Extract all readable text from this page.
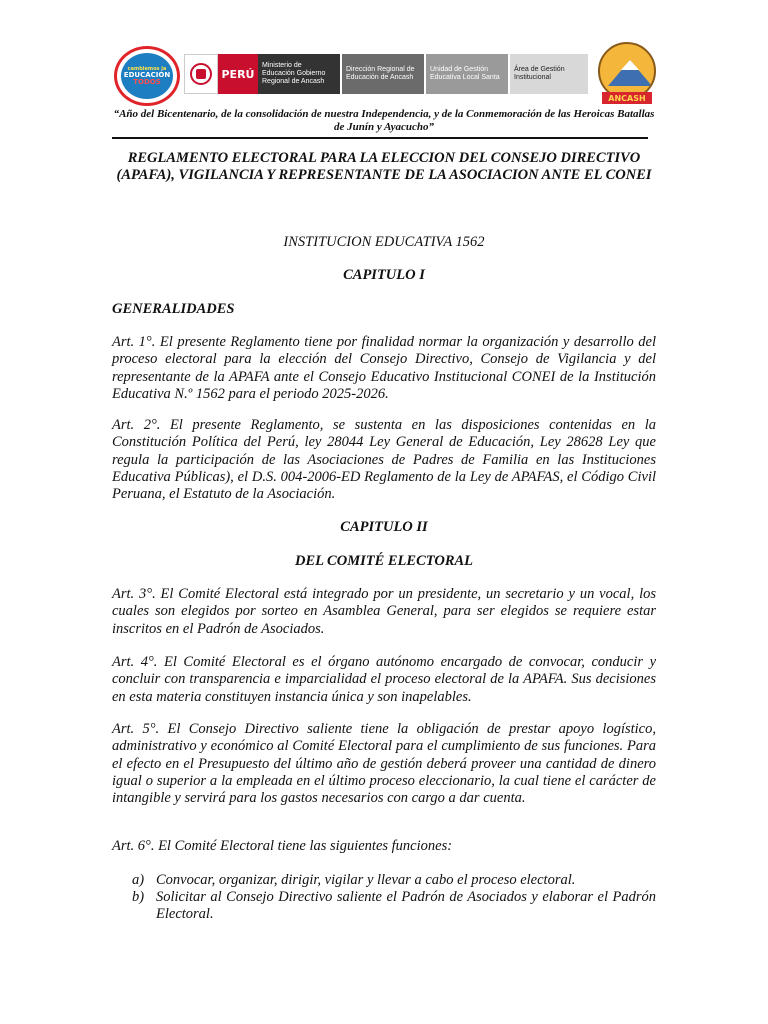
cambiemos la
EDUCACIÓN
TODOS
PERÚ
Ministerio de Educación Gobierno Regional de Ancash
Dirección Regional de Educación de Ancash
Unidad de Gestión Educativa Local Santa
Área de Gestión Institucional
ANCASH
“Año del Bicentenario, de la consolidación de nuestra Independencia, y de la Conmemoración de las Heroicas Batallas de Junín y Ayacucho”
REGLAMENTO ELECTORAL PARA LA ELECCION DEL CONSEJO DIRECTIVO (APAFA), VIGILANCIA Y REPRESENTANTE DE LA ASOCIACION ANTE EL CONEI
INSTITUCION EDUCATIVA 1562
CAPITULO I
GENERALIDADES
Art. 1°. El presente Reglamento tiene por finalidad normar la organización y desarrollo del proceso electoral para la elección del Consejo Directivo, Consejo de Vigilancia y del representante de la APAFA ante el Consejo Educativo Institucional CONEI de la Institución Educativa N.º 1562 para el periodo 2025-2026.
Art. 2°. El presente Reglamento, se sustenta en las disposiciones contenidas en la Constitución Política del Perú, ley 28044 Ley General de Educación, Ley 28628 Ley que regula la participación de las Asociaciones de Padres de Familia en las Instituciones Educativa Públicas), el D.S. 004-2006-ED Reglamento de la Ley de APAFAS, el Código Civil Peruana, el Estatuto de la Asociación.
CAPITULO II
DEL COMITÉ ELECTORAL
Art. 3°. El Comité Electoral está integrado por un presidente, un secretario y un vocal, los cuales son elegidos por sorteo en Asamblea General, para ser elegidos se requiere estar inscritos en el Padrón de Asociados.
Art. 4°. El Comité Electoral es el órgano autónomo encargado de convocar, conducir y concluir con transparencia e imparcialidad el proceso electoral de la APAFA. Sus decisiones en esta materia constituyen instancia única y son inapelables.
Art. 5°. El Consejo Directivo saliente tiene la obligación de prestar apoyo logístico, administrativo y económico al Comité Electoral para el cumplimiento de sus funciones. Para el efecto en el Presupuesto del último año de gestión deberá proveer una cantidad de dinero igual o superior a la empleada en el último proceso eleccionario, la cual tiene el carácter de intangible y servirá para los gastos necesarios con cargo a dar cuenta.
Art. 6°. El Comité Electoral tiene las siguientes funciones:
a) Convocar, organizar, dirigir, vigilar y llevar a cabo el proceso electoral.
b) Solicitar al Consejo Directivo saliente el Padrón de Asociados y elaborar el Padrón Electoral.
